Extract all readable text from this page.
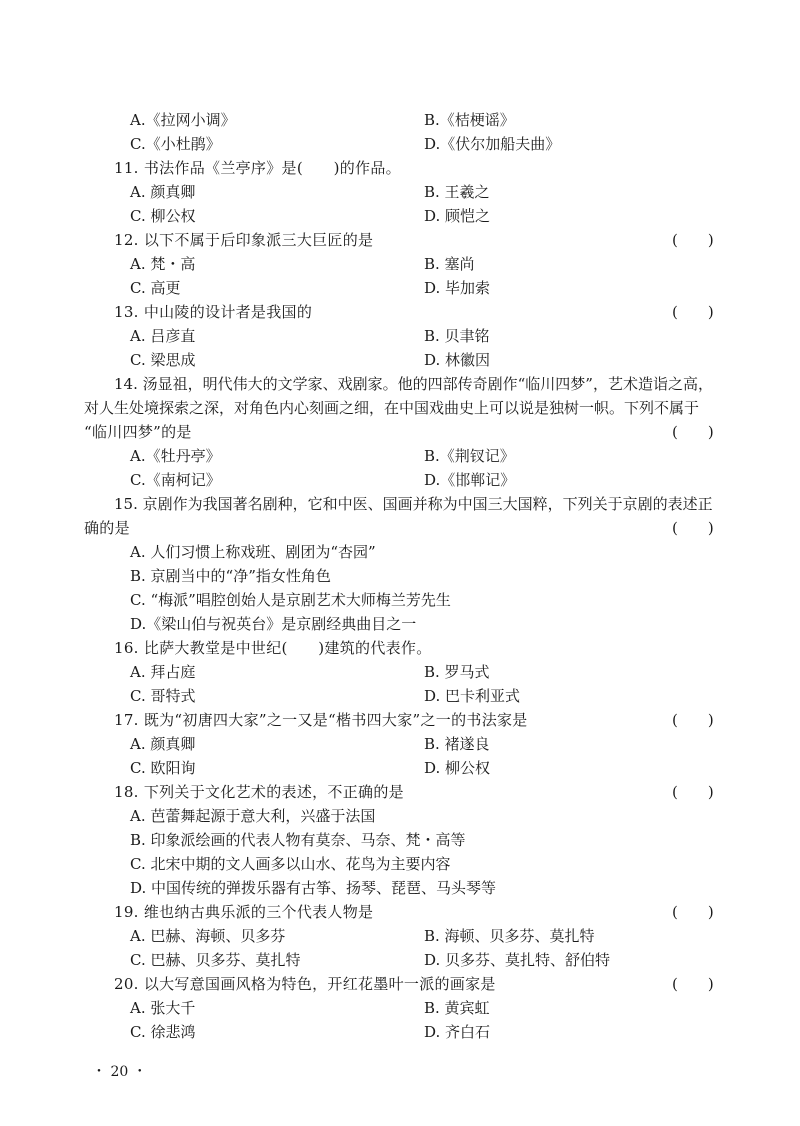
A.《拉网小调》	B.《桔梗谣》
C.《小杜鹃》	D.《伏尔加船夫曲》
11. 书法作品《兰亭序》是(　　)的作品。
A. 颜真卿	B. 王羲之
C. 柳公权	D. 顾恺之
12. 以下不属于后印象派三大巨匠的是	(　　)
A. 梵・高	B. 塞尚
C. 高更	D. 毕加索
13. 中山陵的设计者是我国的	(　　)
A. 吕彦直	B. 贝聿铭
C. 梁思成	D. 林徽因
14. 汤显祖，明代伟大的文学家、戏剧家。他的四部传奇剧作“临川四梦”，艺术造诣之高，
对人生处境探索之深，对角色内心刻画之细，在中国戏曲史上可以说是独树一帜。下列不属于
“临川四梦”的是	(　　)
A.《牡丹亭》	B.《荆钗记》
C.《南柯记》	D.《邯郸记》
15. 京剧作为我国著名剧种，它和中医、国画并称为中国三大国粹，下列关于京剧的表述正
确的是	(　　)
A. 人们习惯上称戏班、剧团为“杏园”
B. 京剧当中的“净”指女性角色
C. “梅派”唱腔创始人是京剧艺术大师梅兰芳先生
D.《梁山伯与祝英台》是京剧经典曲目之一
16. 比萨大教堂是中世纪(　　)建筑的代表作。
A. 拜占庭	B. 罗马式
C. 哥特式	D. 巴卡利亚式
17. 既为“初唐四大家”之一又是“楷书四大家”之一的书法家是	(　　)
A. 颜真卿	B. 褚遂良
C. 欧阳询	D. 柳公权
18. 下列关于文化艺术的表述，不正确的是	(　　)
A. 芭蕾舞起源于意大利，兴盛于法国
B. 印象派绘画的代表人物有莫奈、马奈、梵・高等
C. 北宋中期的文人画多以山水、花鸟为主要内容
D. 中国传统的弹拨乐器有古筝、扬琴、琵琶、马头琴等
19. 维也纳古典乐派的三个代表人物是	(　　)
A. 巴赫、海顿、贝多芬	B. 海顿、贝多芬、莫扎特
C. 巴赫、贝多芬、莫扎特	D. 贝多芬、莫扎特、舒伯特
20. 以大写意国画风格为特色，开红花墨叶一派的画家是	(　　)
A. 张大千	B. 黄宾虹
C. 徐悲鸿	D. 齐白石
・ 20 ・
